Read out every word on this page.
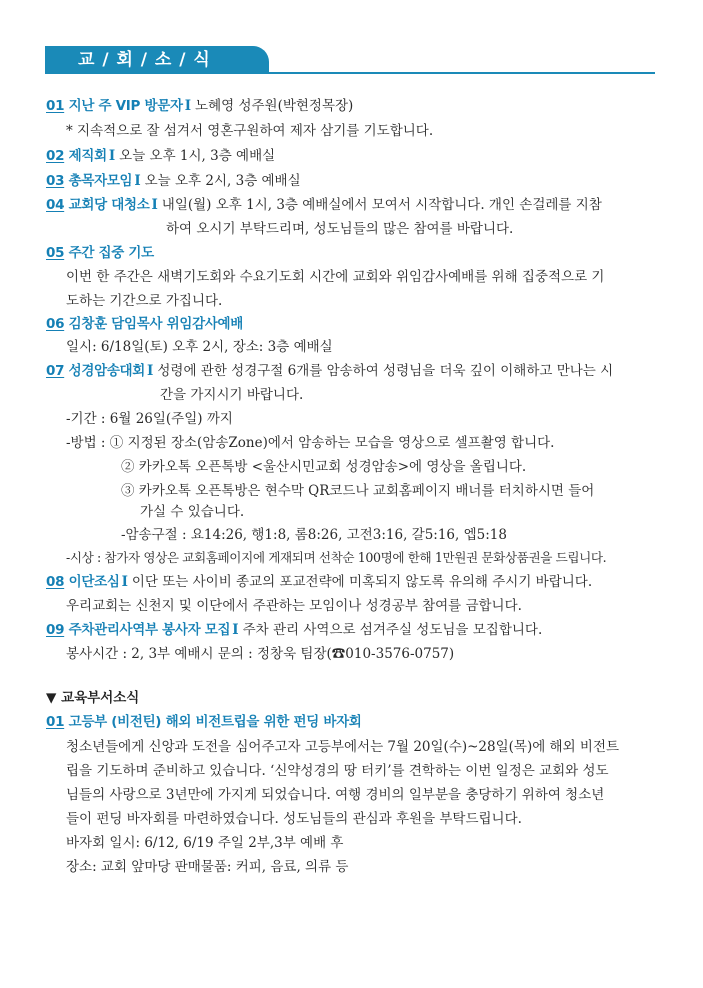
교 / 회 / 소 / 식
01 지난 주 VIP 방문자 I 노혜영 성주원(박현정목장)
* 지속적으로 잘 섬겨서 영혼구원하여 제자 삼기를 기도합니다.
02 제직회 I 오늘 오후 1시, 3층 예배실
03 총목자모임 I 오늘 오후 2시, 3층 예배실
04 교회당 대청소 I 내일(월) 오후 1시, 3층 예배실에서 모여서 시작합니다. 개인 손걸레를 지참
하여 오시기 부탁드리며, 성도님들의 많은 참여를 바랍니다.
05 주간 집중 기도
이번 한 주간은 새벽기도회와 수요기도회 시간에 교회와 위임감사예배를 위해 집중적으로 기
도하는 기간으로 가집니다.
06 김창훈 담임목사 위임감사예배
일시: 6/18일(토) 오후 2시, 장소: 3층 예배실
07 성경암송대회 I 성령에 관한 성경구절 6개를 암송하여 성령님을 더욱 깊이 이해하고 만나는 시
간을 가지시기 바랍니다.
-기간 : 6월 26일(주일) 까지
-방법 : ① 지정된 장소(암송Zone)에서 암송하는 모습을 영상으로 셀프촬영 합니다.
② 카카오톡 오픈톡방 <울산시민교회 성경암송>에 영상을 올립니다.
③ 카카오톡 오픈톡방은 현수막 QR코드나 교회홈페이지 배너를 터치하시면 들어
가실 수 있습니다.
-암송구절 : 요14:26, 행1:8, 롬8:26, 고전3:16, 갈5:16, 엡5:18
-시상 : 참가자 영상은 교회홈페이지에 게재되며 선착순 100명에 한해 1만원권 문화상품권을 드립니다.
08 이단조심 I 이단 또는 사이비 종교의 포교전략에 미혹되지 않도록 유의해 주시기 바랍니다.
우리교회는 신천지 및 이단에서 주관하는 모임이나 성경공부 참여를 금합니다.
09 주차관리사역부 봉사자 모집 I 주차 관리 사역으로 섬겨주실 성도님을 모집합니다.
봉사시간 : 2, 3부 예배시 문의 : 정창욱 팀장(☎010-3576-0757)
▼ 교육부서소식
01 고등부 (비전틴) 해외 비전트립을 위한 펀딩 바자회
청소년들에게 신앙과 도전을 심어주고자 고등부에서는 7월 20일(수)~28일(목)에 해외 비전트
립을 기도하며 준비하고 있습니다. ‘신약성경의 땅 터키’를 견학하는 이번 일정은 교회와 성도
님들의 사랑으로 3년만에 가지게 되었습니다. 여행 경비의 일부분을 충당하기 위하여 청소년
들이 펀딩 바자회를 마련하였습니다. 성도님들의 관심과 후원을 부탁드립니다.
바자회 일시: 6/12, 6/19 주일 2부,3부 예배 후
장소: 교회 앞마당 판매물품: 커피, 음료, 의류 등
